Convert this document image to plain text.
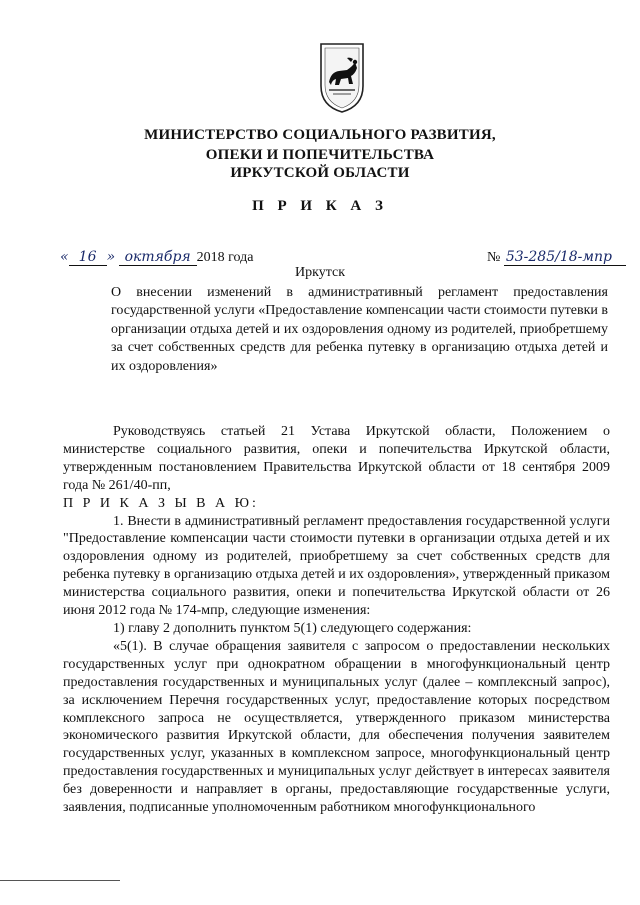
МИНИСТЕРСТВО СОЦИАЛЬНОГО РАЗВИТИЯ,
ОПЕКИ И ПОПЕЧИТЕЛЬСТВА
ИРКУТСКОЙ ОБЛАСТИ
П Р И К А З
« 16 » октября 2018 года	№ 53-285/18-мпр
Иркутск
О внесении изменений в административный регламент предоставления государственной услуги «Предоставление компенсации части стоимости путевки в организации отдыха детей и их оздоровления одному из родителей, приобретшему за счет собственных средств для ребенка путевку в организацию отдыха детей и их оздоровления»

Руководствуясь статьей 21 Устава Иркутской области, Положением о министерстве социального развития, опеки и попечительства Иркутской области, утвержденным постановлением Правительства Иркутской области от 18 сентября 2009 года № 261/40-пп,

П Р И К А З Ы В А Ю:

1. Внести в административный регламент предоставления государственной услуги "Предоставление компенсации части стоимости путевки в организации отдыха детей и их оздоровления одному из родителей, приобретшему за счет собственных средств для ребенка путевку в организацию отдыха детей и их оздоровления», утвержденный приказом министерства социального развития, опеки и попечительства Иркутской области от 26 июня 2012 года № 174-мпр, следующие изменения:

1) главу 2 дополнить пунктом 5(1) следующего содержания:

«5(1). В случае обращения заявителя с запросом о предоставлении нескольких государственных услуг при однократном обращении в многофункциональный центр предоставления государственных и муниципальных услуг (далее – комплексный запрос), за исключением Перечня государственных услуг, предоставление которых посредством комплексного запроса не осуществляется, утвержденного приказом министерства экономического развития Иркутской области, для обеспечения получения заявителем государственных услуг, указанных в комплексном запросе, многофункциональный центр предоставления государственных и муниципальных услуг действует в интересах заявителя без доверенности и направляет в органы, предоставляющие государственные услуги, заявления, подписанные уполномоченным работником многофункционального
